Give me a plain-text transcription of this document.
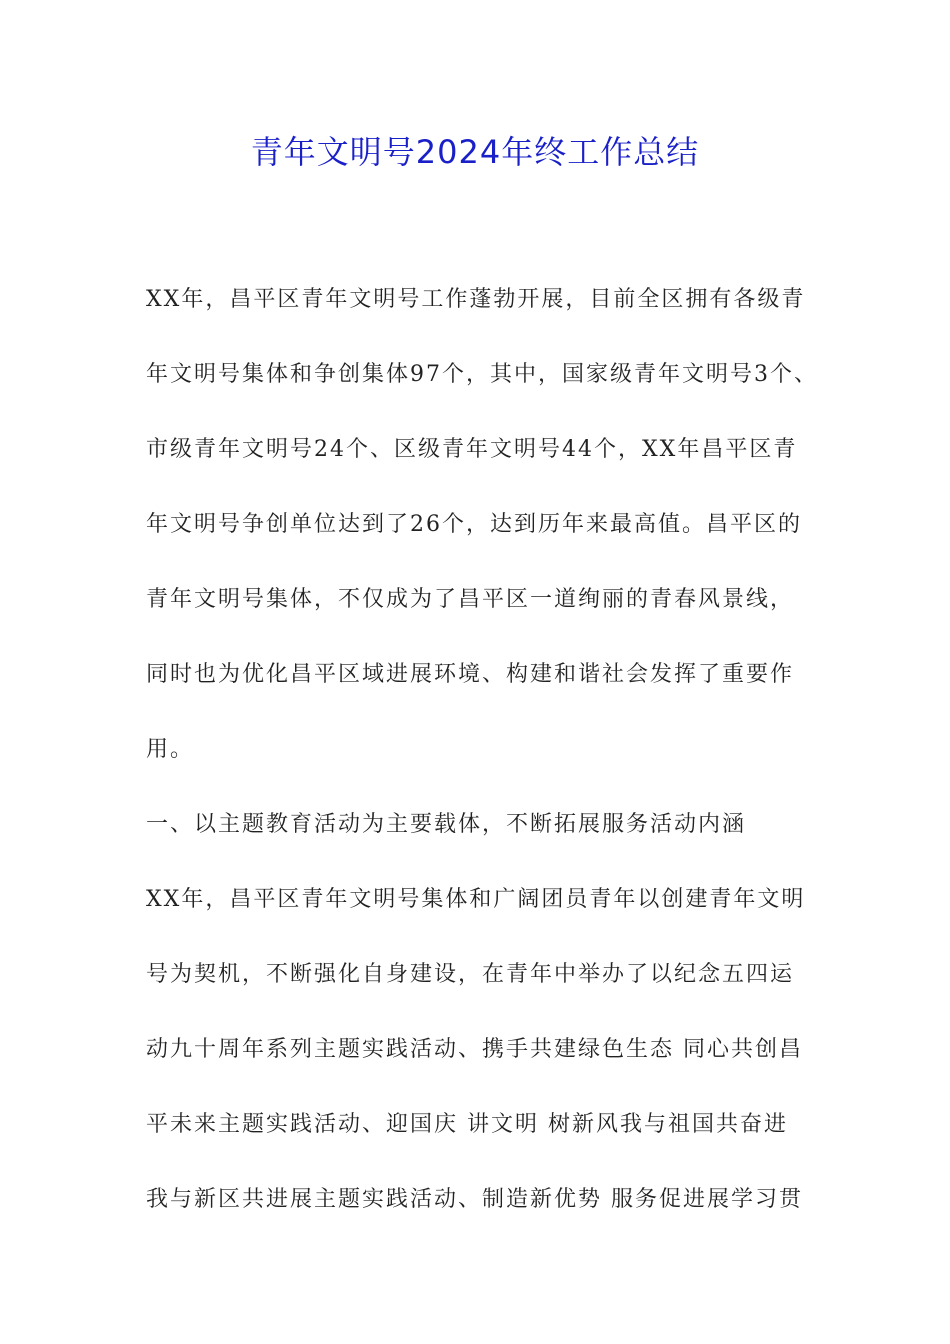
青年文明号2024年终工作总结
XX年，昌平区青年文明号工作蓬勃开展，目前全区拥有各级青
年文明号集体和争创集体97个，其中，国家级青年文明号3个、
市级青年文明号24个、区级青年文明号44个，XX年昌平区青
年文明号争创单位达到了26个，达到历年来最高值。昌平区的
青年文明号集体，不仅成为了昌平区一道绚丽的青春风景线，
同时也为优化昌平区域进展环境、构建和谐社会发挥了重要作
用。
一、以主题教育活动为主要载体，不断拓展服务活动内涵
XX年，昌平区青年文明号集体和广阔团员青年以创建青年文明
号为契机，不断强化自身建设，在青年中举办了以纪念五四运
动九十周年系列主题实践活动、携手共建绿色生态 同心共创昌
平未来主题实践活动、迎国庆 讲文明 树新风我与祖国共奋进
我与新区共进展主题实践活动、制造新优势 服务促进展学习贯
